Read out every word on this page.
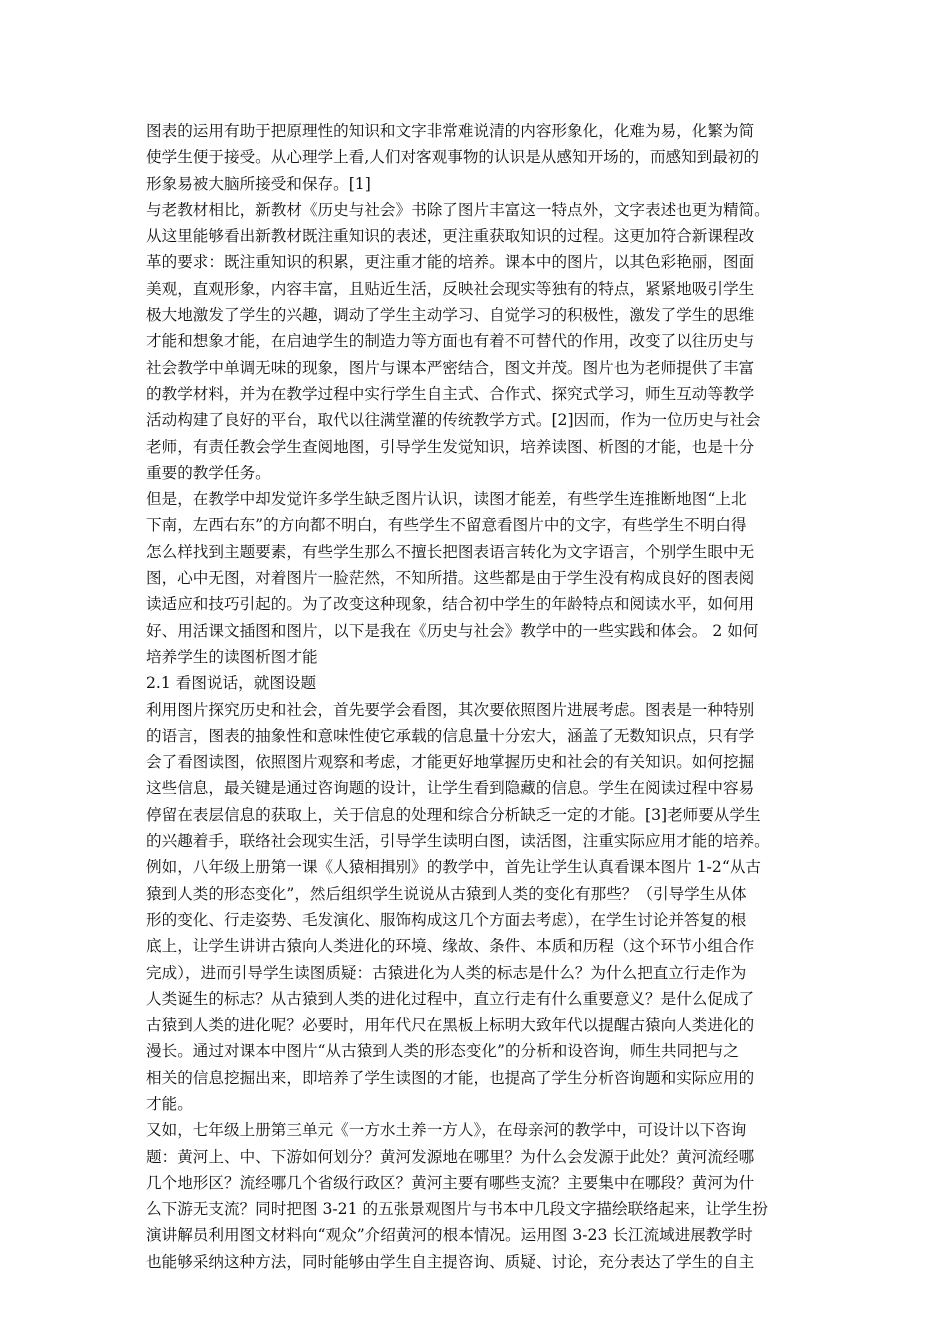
图表的运用有助于把原理性的知识和文字非常难说清的内容形象化，化难为易，化繁为简
使学生便于接受。从心理学上看,人们对客观事物的认识是从感知开场的，而感知到最初的
形象易被大脑所接受和保存。[1]
与老教材相比，新教材《历史与社会》书除了图片丰富这一特点外，文字表述也更为精简。
从这里能够看出新教材既注重知识的表述，更注重获取知识的过程。这更加符合新课程改
革的要求：既注重知识的积累，更注重才能的培养。课本中的图片，以其色彩艳丽，图面
美观，直观形象，内容丰富，且贴近生活，反映社会现实等独有的特点，紧紧地吸引学生
极大地激发了学生的兴趣，调动了学生主动学习、自觉学习的积极性，激发了学生的思维
才能和想象才能，在启迪学生的制造力等方面也有着不可替代的作用，改变了以往历史与
社会教学中单调无味的现象，图片与课本严密结合，图文并茂。图片也为老师提供了丰富
的教学材料，并为在教学过程中实行学生自主式、合作式、探究式学习，师生互动等教学
活动构建了良好的平台，取代以往满堂灌的传统教学方式。[2]因而，作为一位历史与社会
老师，有责任教会学生查阅地图，引导学生发觉知识，培养读图、析图的才能，也是十分
重要的教学任务。
但是，在教学中却发觉许多学生缺乏图片认识，读图才能差，有些学生连推断地图“上北
下南，左西右东”的方向都不明白，有些学生不留意看图片中的文字，有些学生不明白得
怎么样找到主题要素，有些学生那么不擅长把图表语言转化为文字语言，个别学生眼中无
图，心中无图，对着图片一脸茫然，不知所措。这些都是由于学生没有构成良好的图表阅
读适应和技巧引起的。为了改变这种现象，结合初中学生的年龄特点和阅读水平，如何用
好、用活课文插图和图片，以下是我在《历史与社会》教学中的一些实践和体会。 2 如何
培养学生的读图析图才能
2.1 看图说话，就图设题
利用图片探究历史和社会，首先要学会看图，其次要依照图片进展考虑。图表是一种特别
的语言，图表的抽象性和意味性使它承载的信息量十分宏大，涵盖了无数知识点，只有学
会了看图读图，依照图片观察和考虑，才能更好地掌握历史和社会的有关知识。如何挖掘
这些信息，最关键是通过咨询题的设计，让学生看到隐藏的信息。学生在阅读过程中容易
停留在表层信息的获取上，关于信息的处理和综合分析缺乏一定的才能。[3]老师要从学生
的兴趣着手，联络社会现实生活，引导学生读明白图，读活图，注重实际应用才能的培养。
例如，八年级上册第一课《人猿相揖别》的教学中，首先让学生认真看课本图片 1-2“从古
猿到人类的形态变化”，然后组织学生说说从古猿到人类的变化有那些？（引导学生从体
形的变化、行走姿势、毛发演化、服饰构成这几个方面去考虑），在学生讨论并答复的根
底上，让学生讲讲古猿向人类进化的环境、缘故、条件、本质和历程（这个环节小组合作
完成），进而引导学生读图质疑：古猿进化为人类的标志是什么？为什么把直立行走作为
人类诞生的标志？从古猿到人类的进化过程中，直立行走有什么重要意义？是什么促成了
古猿到人类的进化呢？必要时，用年代尺在黑板上标明大致年代以提醒古猿向人类进化的
漫长。通过对课本中图片“从古猿到人类的形态变化”的分析和设咨询，师生共同把与之
相关的信息挖掘出来，即培养了学生读图的才能，也提高了学生分析咨询题和实际应用的
才能。
又如，七年级上册第三单元《一方水土养一方人》，在母亲河的教学中，可设计以下咨询
题：黄河上、中、下游如何划分？黄河发源地在哪里？为什么会发源于此处？黄河流经哪
几个地形区？流经哪几个省级行政区？黄河主要有哪些支流？主要集中在哪段？黄河为什
么下游无支流？同时把图 3-21 的五张景观图片与书本中几段文字描绘联络起来，让学生扮
演讲解员利用图文材料向“观众”介绍黄河的根本情况。运用图 3-23 长江流域进展教学时
也能够采纳这种方法，同时能够由学生自主提咨询、质疑、讨论，充分表达了学生的自主
